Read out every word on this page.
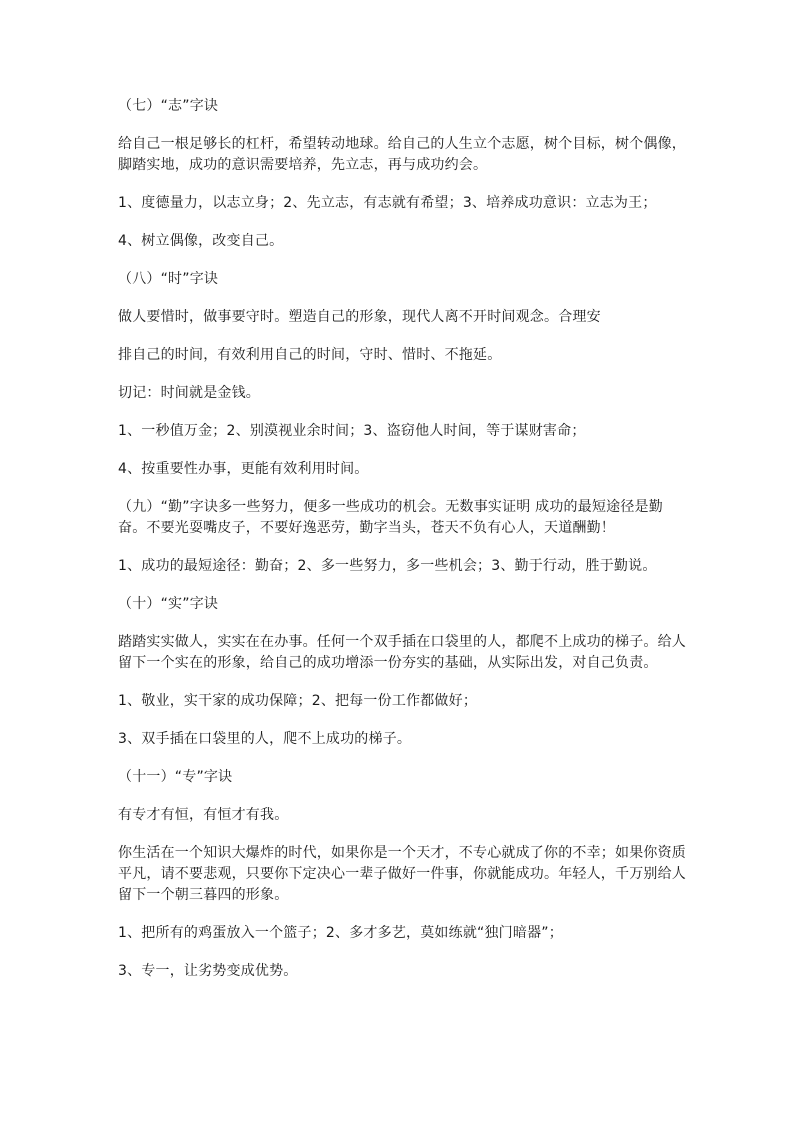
（七）“志”字诀

给自己一根足够长的杠杆，希望转动地球。给自己的人生立个志愿，树个目标，树个偶像，脚踏实地，成功的意识需要培养，先立志，再与成功约会。

1、度德量力，以志立身；2、先立志，有志就有希望；3、培养成功意识：立志为王；

4、树立偶像，改变自己。

（八）“时”字诀

做人要惜时，做事要守时。塑造自己的形象，现代人离不开时间观念。合理安

排自己的时间，有效利用自己的时间，守时、惜时、不拖延。

切记：时间就是金钱。

1、一秒值万金；2、别漠视业余时间；3、盗窃他人时间，等于谋财害命；

4、按重要性办事，更能有效利用时间。

（九）“勤”字诀多一些努力，便多一些成功的机会。无数事实证明 成功的最短途径是勤奋。不要光耍嘴皮子，不要好逸恶劳，勤字当头，苍天不负有心人，天道酬勤！

1、成功的最短途径：勤奋；2、多一些努力，多一些机会；3、勤于行动，胜于勤说。

（十）“实”字诀

踏踏实实做人，实实在在办事。任何一个双手插在口袋里的人，都爬不上成功的梯子。给人留下一个实在的形象，给自己的成功增添一份夯实的基础，从实际出发，对自己负责。

1、敬业，实干家的成功保障；2、把每一份工作都做好；

3、双手插在口袋里的人，爬不上成功的梯子。

（十一）“专”字诀

有专才有恒，有恒才有我。

你生活在一个知识大爆炸的时代，如果你是一个天才，不专心就成了你的不幸；如果你资质平凡，请不要悲观，只要你下定决心一辈子做好一件事，你就能成功。年轻人，千万别给人留下一个朝三暮四的形象。

1、把所有的鸡蛋放入一个篮子；2、多才多艺，莫如练就“独门暗器”；

3、专一，让劣势变成优势。
